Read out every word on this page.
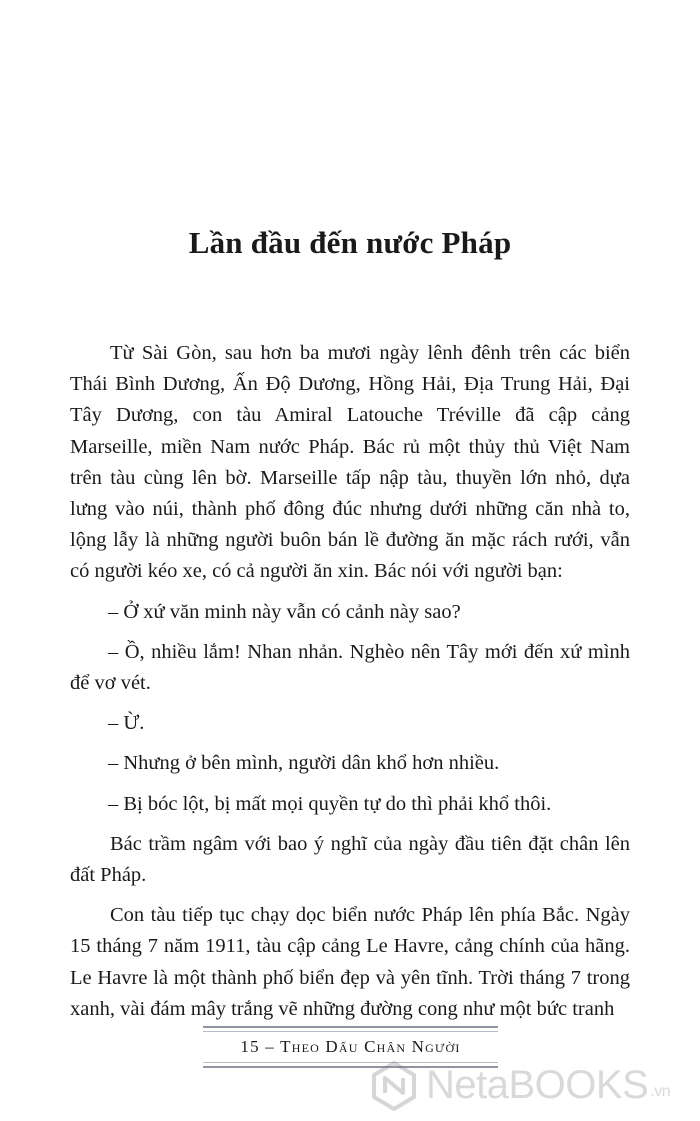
Lần đầu đến nước Pháp

Từ Sài Gòn, sau hơn ba mươi ngày lênh đênh trên các biển Thái Bình Dương, Ấn Độ Dương, Hồng Hải, Địa Trung Hải, Đại Tây Dương, con tàu Amiral Latouche Tréville đã cập cảng Marseille, miền Nam nước Pháp. Bác rủ một thủy thủ Việt Nam trên tàu cùng lên bờ. Marseille tấp nập tàu, thuyền lớn nhỏ, dựa lưng vào núi, thành phố đông đúc nhưng dưới những căn nhà to, lộng lẫy là những người buôn bán lề đường ăn mặc rách rưới, vẫn có người kéo xe, có cả người ăn xin. Bác nói với người bạn:

– Ở xứ văn minh này vẫn có cảnh này sao?

– Ồ, nhiều lắm! Nhan nhản. Nghèo nên Tây mới đến xứ mình để vơ vét.

– Ừ.

– Nhưng ở bên mình, người dân khổ hơn nhiều.

– Bị bóc lột, bị mất mọi quyền tự do thì phải khổ thôi.

Bác trầm ngâm với bao ý nghĩ của ngày đầu tiên đặt chân lên đất Pháp.

Con tàu tiếp tục chạy dọc biển nước Pháp lên phía Bắc. Ngày 15 tháng 7 năm 1911, tàu cập cảng Le Havre, cảng chính của hãng. Le Havre là một thành phố biển đẹp và yên tĩnh. Trời tháng 7 trong xanh, vài đám mây trắng vẽ những đường cong như một bức tranh

15 – Theo Dấu Chân Người
NetaBOOKS .vn
